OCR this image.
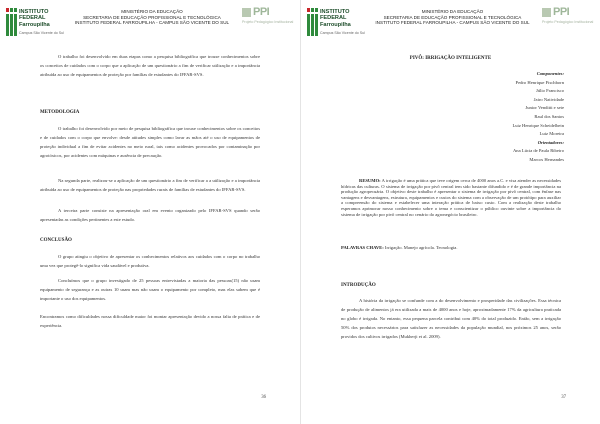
INSTITUTO
FEDERAL
Farroupilha
Campus São Vicente do Sul
MINISTÉRIO DA EDUCAÇÃO
SECRETARIA DE EDUCAÇÃO PROFISSIONAL E TECNOLÓGICA
INSTITUTO FEDERAL FARROUPILHA - CAMPUS SÃO VICENTE DO SUL
PPI
Projeto Pedagógico Institucional

O trabalho foi desenvolvido em duas etapas como a pesquisa bibliográfica que trouxe conhecimentos sobre os conceitos de cuidados com o corpo que a aplicação de um questionário a fim de verificar utilização e a importância atribuída ao uso de equipamentos de proteção por famílias de estudantes do IFFAR-SVS.

METODOLOGIA

O trabalho foi desenvolvido por meio de pesquisa bibliográfica que trouxe conhecimentos sobre os conceitos e de cuidados com o corpo que envolve: desde atitudes simples como lavar as mãos até o uso de equipamentos de proteção individual a fim de evitar acidentes no meio rural, tais como acidentes provocados por contaminação por agrotóxicos, por acidentes com máquinas e ausência de precaução.

Na segunda parte, realizou-se a aplicação de um questionário a fim de verificar a a utilização e a importância atribuída ao uso de equipamentos de proteção nas propriedades rurais de famílias de estudantes do IFFAR-SVS.

A terceira parte consiste na apresentação oral em evento organizado pelo IFFAR-SVS quando serão apresentadas as condições pertinentes a este estudo.

CONCLUSÃO

O grupo atingiu o objetivo de apresentar os conhecimentos relativos aos cuidados com o corpo no trabalho uma vez que protegê-lo significa vida saudável e produtiva.

Concluímos que o grupo investigado de 25 pessoas entrevistadas a maioria das pessoas(15) não usam equipamento de segurança e as outras 10 usam mas não usam o equipamento por completo, mas elas sabem que é importante o uso dos equipamentos.

Encontramos como dificuldades nossa dificuldade maior foi montar apresentação devido a nossa falta de prática e de experiência.

36
INSTITUTO
FEDERAL
Farroupilha
Campus São Vicente do Sul
MINISTÉRIO DA EDUCAÇÃO
SECRETARIA DE EDUCAÇÃO PROFISSIONAL E TECNOLÓGICA
INSTITUTO FEDERAL FARROUPILHA - CAMPUS SÃO VICENTE DO SUL
PPI
Projeto Pedagógico Institucional
PIVÔ: IRRIGAÇÃO INTELIGENTE
Componentes:
Pedro Henrique Fischborn
Júlio Francisco
Jairo Natividade
Junior Venditti e sete
Raul dos Santos
Luiz Henrique Scheidelbein
Luiz Moreira
Orientadores:
Ana Lúcia de Paula Ribeiro
Marcos Hernandes

RESUMO: A irrigação é uma prática que teve origem cerca de 4000 anos a.C. e visa atender as necessidades hídricas das culturas. O sistema de irrigação por pivô central tem sido bastante difundido e é de grande importância na produção agropecuária. O objetivo deste trabalho é apresentar o sistema de irrigação por pivô central, com ênfase nas vantagens e desvantagens, estrutura, equipamentos e custos do sistema com a observação de um protótipo para auxiliar a compreensão do sistema e estabelecer uma interação prática de baixo custo. Com a realização deste trabalho esperamos aprimorar nosso conhecimento sobre o tema e conscientizar o público ouvinte sobre a importância do sistema de irrigação por pivô central no cenário do agronegócio brasileiro.

PALAVRAS CHAVE: Irrigação. Manejo agrícola. Tecnologia.

INTRODUÇÃO

A história da irrigação se confunde com a do desenvolvimento e prosperidade das civilizações. Essa técnica de produção de alimentos já era utilizada a mais de 4000 anos e hoje, aproximadamente 17% da agricultura praticada no globo é irrigada. No entanto, essa pequena parcela contribui com 40% do total produzido. Então, sem a irrigação 50% dos produtos necessários para satisfazer as necessidades da população mundial, nos próximos 25 anos, serão providos dos cultivos irrigados (Mukherji et al. 2009).

37
